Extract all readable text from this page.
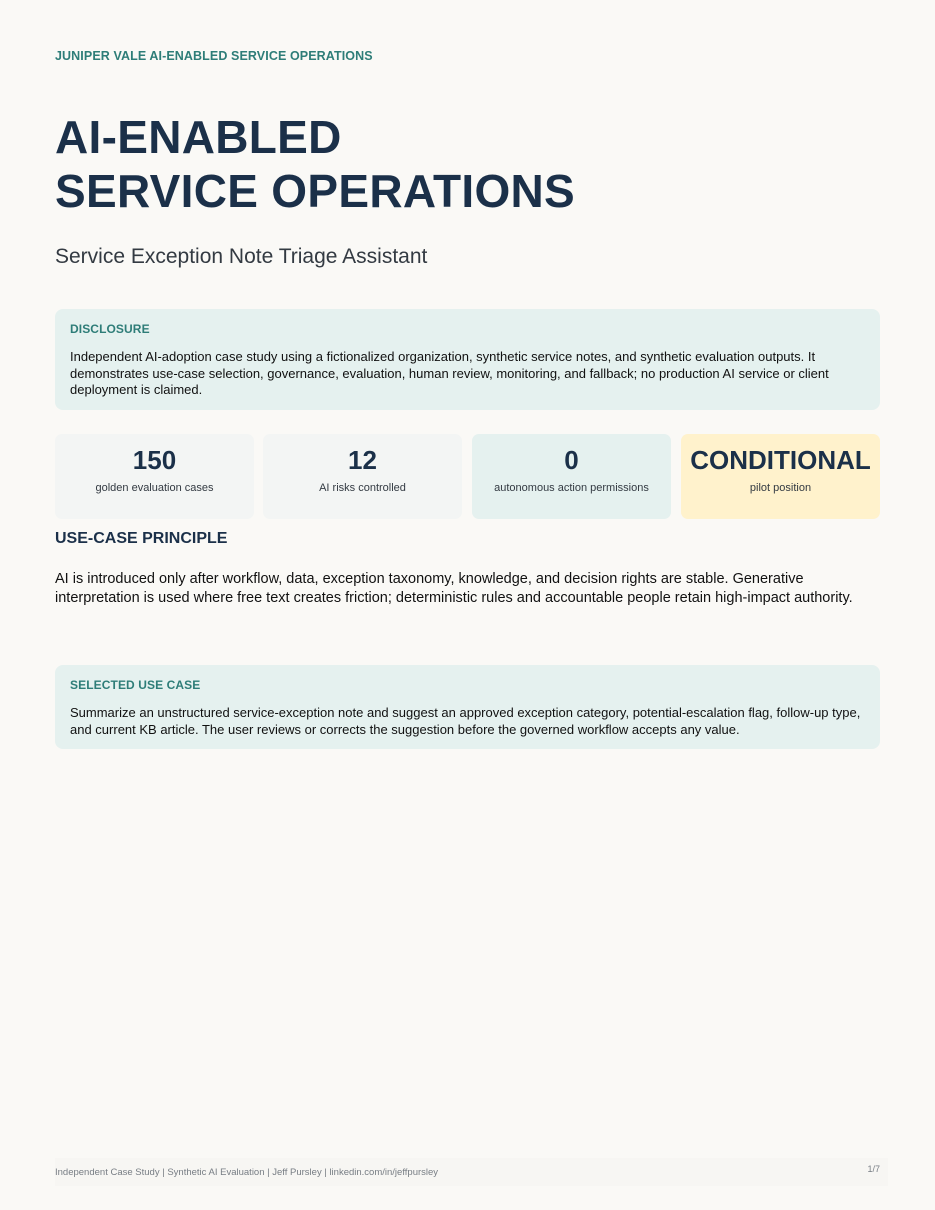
JUNIPER VALE AI-ENABLED SERVICE OPERATIONS
AI-ENABLED
SERVICE OPERATIONS
Service Exception Note Triage Assistant
DISCLOSURE
Independent AI-adoption case study using a fictionalized organization, synthetic service notes, and synthetic evaluation outputs. It demonstrates use-case selection, governance, evaluation, human review, monitoring, and fallback; no production AI service or client deployment is claimed.
150
golden evaluation cases
12
AI risks controlled
0
autonomous action permissions
CONDITIONAL
pilot position
USE-CASE PRINCIPLE
AI is introduced only after workflow, data, exception taxonomy, knowledge, and decision rights are stable. Generative interpretation is used where free text creates friction; deterministic rules and accountable people retain high-impact authority.
SELECTED USE CASE
Summarize an unstructured service-exception note and suggest an approved exception category, potential-escalation flag, follow-up type, and current KB article. The user reviews or corrects the suggestion before the governed workflow accepts any value.
Independent Case Study | Synthetic AI Evaluation | Jeff Pursley | linkedin.com/in/jeffpursley	1/7
